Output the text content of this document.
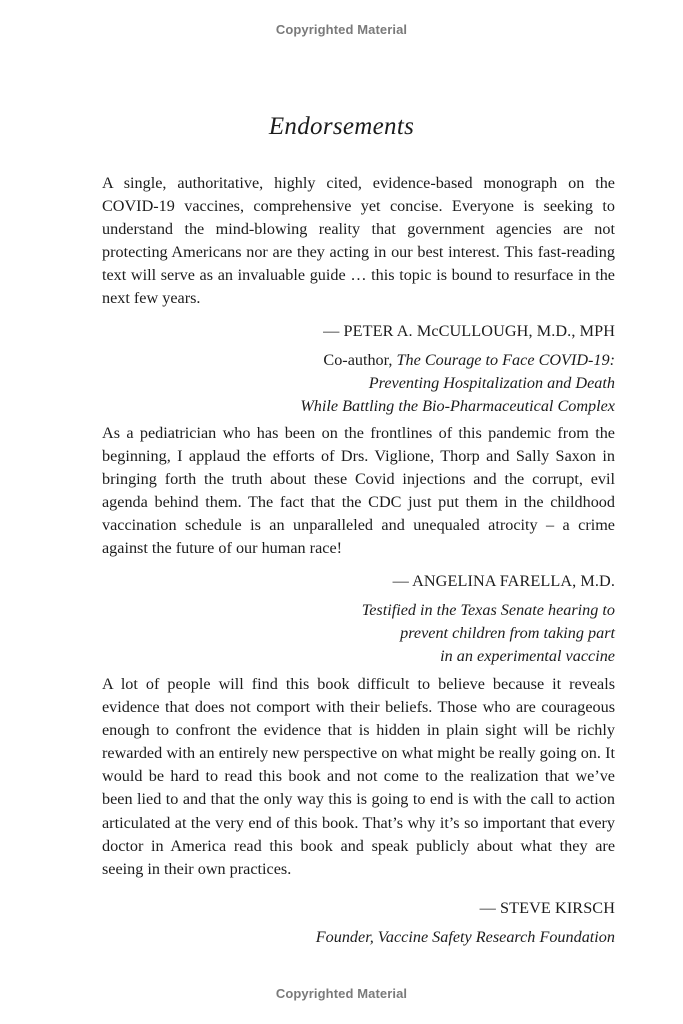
Copyrighted Material
Endorsements

A single, authoritative, highly cited, evidence-based monograph on the COVID-19 vaccines, comprehensive yet concise. Everyone is seeking to understand the mind-blowing reality that government agencies are not protecting Americans nor are they acting in our best interest. This fast-reading text will serve as an invaluable guide … this topic is bound to resurface in the next few years.

— PETER A. McCULLOUGH, M.D., MPH

Co-author, The Courage to Face COVID-19:
Preventing Hospitalization and Death
While Battling the Bio-Pharmaceutical Complex

As a pediatrician who has been on the frontlines of this pandemic from the beginning, I applaud the efforts of Drs. Viglione, Thorp and Sally Saxon in bringing forth the truth about these Covid injections and the corrupt, evil agenda behind them. The fact that the CDC just put them in the childhood vaccination schedule is an unparalleled and unequaled atrocity – a crime against the future of our human race!

— ANGELINA FARELLA, M.D.

Testified in the Texas Senate hearing to
prevent children from taking part
in an experimental vaccine

A lot of people will find this book difficult to believe because it reveals evidence that does not comport with their beliefs. Those who are courageous enough to confront the evidence that is hidden in plain sight will be richly rewarded with an entirely new perspective on what might be really going on. It would be hard to read this book and not come to the realization that we’ve been lied to and that the only way this is going to end is with the call to action articulated at the very end of this book. That’s why it’s so important that every doctor in America read this book and speak publicly about what they are seeing in their own practices.

— STEVE KIRSCH

Founder, Vaccine Safety Research Foundation

Copyrighted Material
